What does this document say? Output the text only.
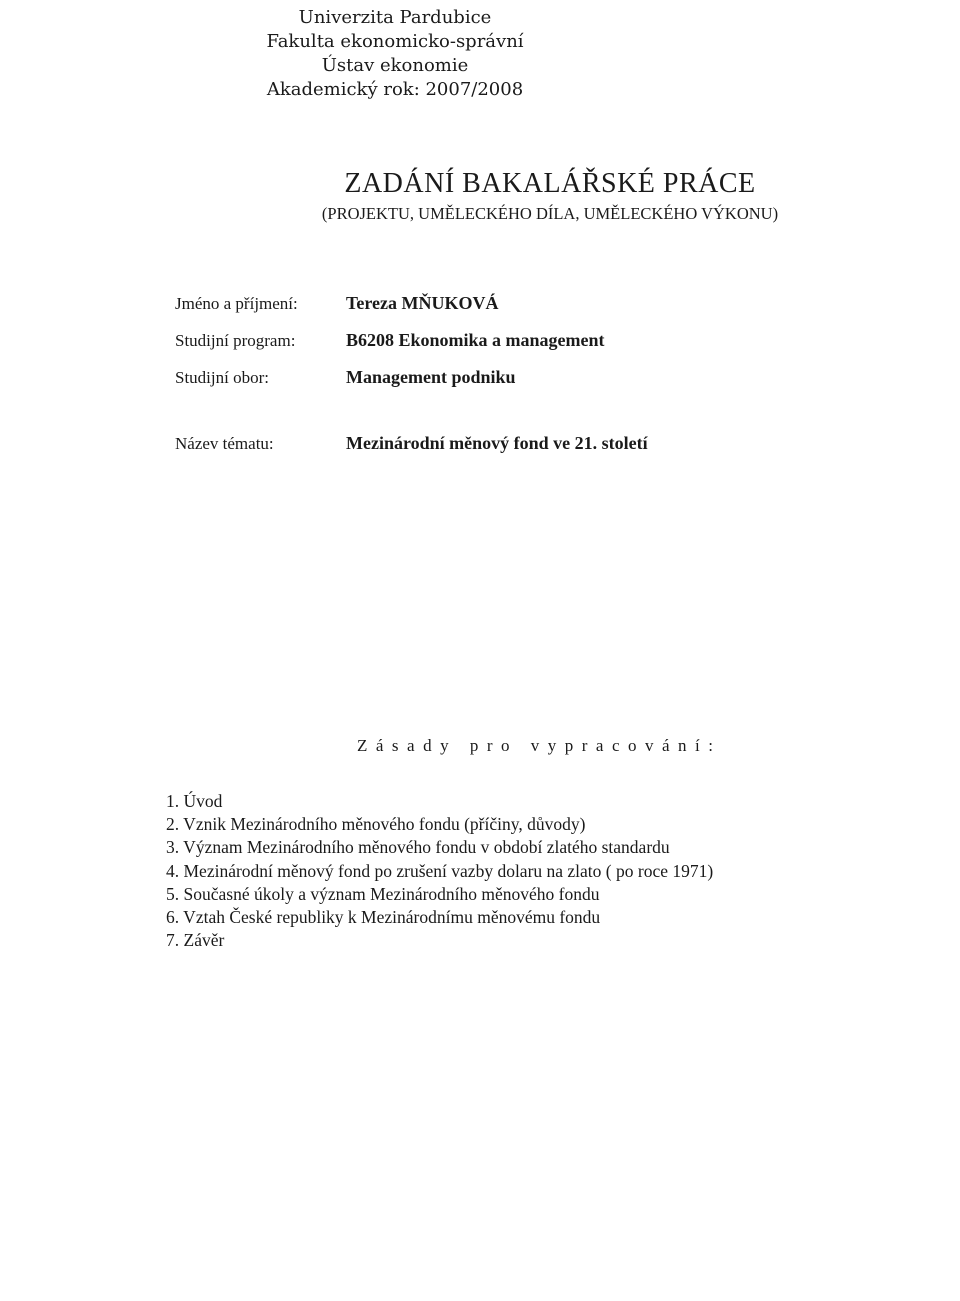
Univerzita Pardubice
Fakulta ekonomicko-správní
Ústav ekonomie
Akademický rok: 2007/2008
ZADÁNÍ BAKALÁŘSKÉ PRÁCE
(PROJEKTU, UMĚLECKÉHO DÍLA, UMĚLECKÉHO VÝKONU)
Jméno a příjmení:	Tereza MŇUKOVÁ
Studijní program:	B6208 Ekonomika a management
Studijní obor:	Management podniku
Název tématu:	Mezinárodní měnový fond ve 21. století
Zásady pro vypracování:
1. Úvod
2. Vznik Mezinárodního měnového fondu (příčiny, důvody)
3. Význam Mezinárodního měnového fondu v období zlatého standardu
4. Mezinárodní měnový fond po zrušení vazby dolaru na zlato ( po roce 1971)
5. Současné úkoly a význam Mezinárodního měnového fondu
6. Vztah České republiky k Mezinárodnímu měnovému fondu
7. Závěr
